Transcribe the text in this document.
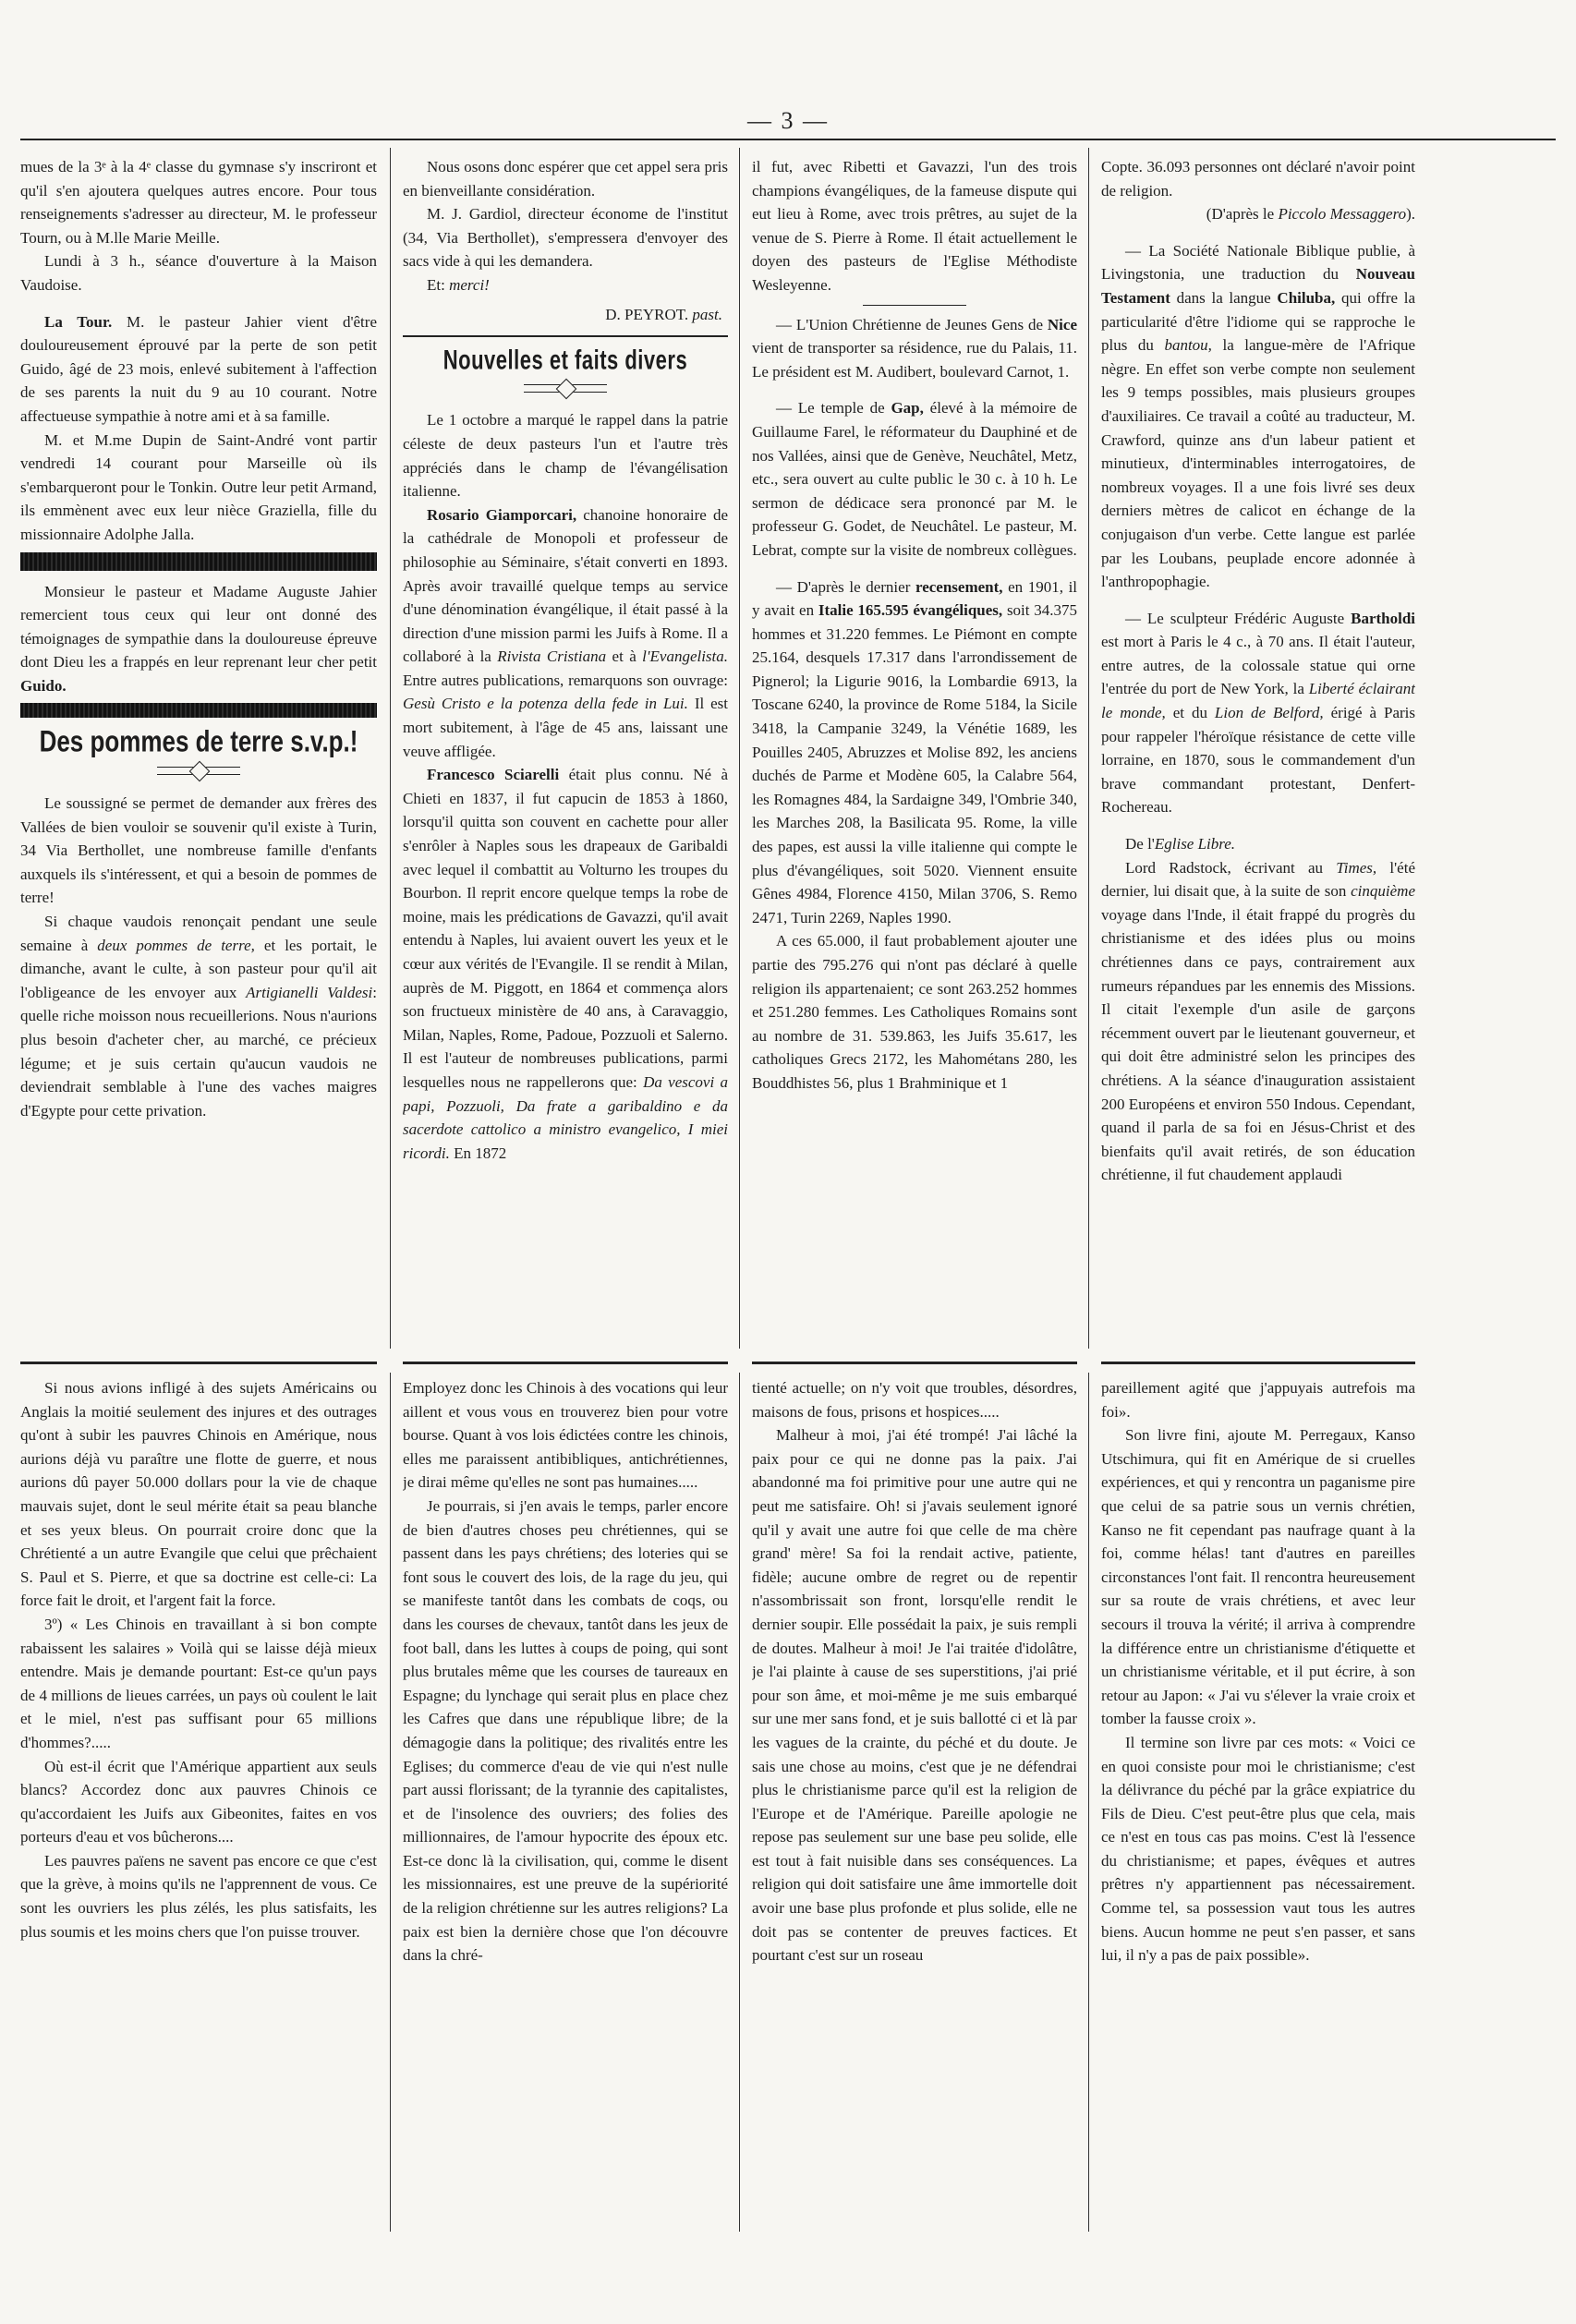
— 3 —

mues de la 3ᵉ à la 4ᵉ classe du gymnase s'y inscriront et qu'il s'en ajoutera quelques autres encore. Pour tous renseignements s'adresser au directeur, M. le professeur Tourn, ou à M.lle Marie Meille.

Lundi à 3 h., séance d'ouverture à la Maison Vaudoise.

La Tour. M. le pasteur Jahier vient d'être douloureusement éprouvé par la perte de son petit Guido, âgé de 23 mois, enlevé subitement à l'affection de ses parents la nuit du 9 au 10 courant. Notre affectueuse sympathie à notre ami et à sa famille.

M. et M.me Dupin de Saint-André vont partir vendredi 14 courant pour Marseille où ils s'embarqueront pour le Tonkin. Outre leur petit Armand, ils emmènent avec eux leur nièce Graziella, fille du missionnaire Adolphe Jalla.

Monsieur le pasteur et Madame Auguste Jahier remercient tous ceux qui leur ont donné des témoignages de sympathie dans la douloureuse épreuve dont Dieu les a frappés en leur reprenant leur cher petit Guido.

Des pommes de terre s.v.p.!

Le soussigné se permet de demander aux frères des Vallées de bien vouloir se souvenir qu'il existe à Turin, 34 Via Berthollet, une nombreuse famille d'enfants auxquels ils s'intéressent, et qui a besoin de pommes de terre!

Si chaque vaudois renonçait pendant une seule semaine à deux pommes de terre, et les portait, le dimanche, avant le culte, à son pasteur pour qu'il ait l'obligeance de les envoyer aux Artigianelli Valdesi: quelle riche moisson nous recueillerions. Nous n'aurions plus besoin d'acheter cher, au marché, ce précieux légume; et je suis certain qu'aucun vaudois ne deviendrait semblable à l'une des vaches maigres d'Egypte pour cette privation.

Nous osons donc espérer que cet appel sera pris en bienveillante considération.

M. J. Gardiol, directeur économe de l'institut (34, Via Berthollet), s'empressera d'envoyer des sacs vide à qui les demandera.

Et: merci!

D. PEYROT. past.
Nouvelles et faits divers

Le 1 octobre a marqué le rappel dans la patrie céleste de deux pasteurs l'un et l'autre très appréciés dans le champ de l'évangélisation italienne.

Rosario Giamporcari, chanoine honoraire de la cathédrale de Monopoli et professeur de philosophie au Séminaire, s'était converti en 1893. Après avoir travaillé quelque temps au service d'une dénomination évangélique, il était passé à la direction d'une mission parmi les Juifs à Rome. Il a collaboré à la Rivista Cristiana et à l'Evangelista. Entre autres publications, remarquons son ouvrage: Gesù Cristo e la potenza della fede in Lui. Il est mort subitement, à l'âge de 45 ans, laissant une veuve affligée.

Francesco Sciarelli était plus connu. Né à Chieti en 1837, il fut capucin de 1853 à 1860, lorsqu'il quitta son couvent en cachette pour aller s'enrôler à Naples sous les drapeaux de Garibaldi avec lequel il combattit au Volturno les troupes du Bourbon. Il reprit encore quelque temps la robe de moine, mais les prédications de Gavazzi, qu'il avait entendu à Naples, lui avaient ouvert les yeux et le cœur aux vérités de l'Evangile. Il se rendit à Milan, auprès de M. Piggott, en 1864 et commença alors son fructueux ministère de 40 ans, à Caravaggio, Milan, Naples, Rome, Padoue, Pozzuoli et Salerno. Il est l'auteur de nombreuses publications, parmi lesquelles nous ne rappellerons que: Da vescovi a papi, Pozzuoli, Da frate a garibaldino e da sacerdote cattolico a ministro evangelico, I miei ricordi. En 1872

il fut, avec Ribetti et Gavazzi, l'un des trois champions évangéliques, de la fameuse dispute qui eut lieu à Rome, avec trois prêtres, au sujet de la venue de S. Pierre à Rome. Il était actuellement le doyen des pasteurs de l'Eglise Méthodiste Wesleyenne.

— L'Union Chrétienne de Jeunes Gens de Nice vient de transporter sa résidence, rue du Palais, 11. Le président est M. Audibert, boulevard Carnot, 1.

— Le temple de Gap, élevé à la mémoire de Guillaume Farel, le réformateur du Dauphiné et de nos Vallées, ainsi que de Genève, Neuchâtel, Metz, etc., sera ouvert au culte public le 30 c. à 10 h. Le sermon de dédicace sera prononcé par M. le professeur G. Godet, de Neuchâtel. Le pasteur, M. Lebrat, compte sur la visite de nombreux collègues.

— D'après le dernier recensement, en 1901, il y avait en Italie 165.595 évangéliques, soit 34.375 hommes et 31.220 femmes. Le Piémont en compte 25.164, desquels 17.317 dans l'arrondissement de Pignerol; la Ligurie 9016, la Lombardie 6913, la Toscane 6240, la province de Rome 5184, la Sicile 3418, la Campanie 3249, la Vénétie 1689, les Pouilles 2405, Abruzzes et Molise 892, les anciens duchés de Parme et Modène 605, la Calabre 564, les Romagnes 484, la Sardaigne 349, l'Ombrie 340, les Marches 208, la Basilicata 95. Rome, la ville des papes, est aussi la ville italienne qui compte le plus d'évangéliques, soit 5020. Viennent ensuite Gênes 4984, Florence 4150, Milan 3706, S. Remo 2471, Turin 2269, Naples 1990.

A ces 65.000, il faut probablement ajouter une partie des 795.276 qui n'ont pas déclaré à quelle religion ils appartenaient; ce sont 263.252 hommes et 251.280 femmes. Les Catholiques Romains sont au nombre de 31. 539.863, les Juifs 35.617, les catholiques Grecs 2172, les Mahométans 280, les Bouddhistes 56, plus 1 Brahminique et 1

Copte. 36.093 personnes ont déclaré n'avoir point de religion.

(D'après le Piccolo Messaggero).

— La Société Nationale Biblique publie, à Livingstonia, une traduction du Nouveau Testament dans la langue Chiluba, qui offre la particularité d'être l'idiome qui se rapproche le plus du bantou, la langue-mère de l'Afrique nègre. En effet son verbe compte non seulement les 9 temps possibles, mais plusieurs groupes d'auxiliaires. Ce travail a coûté au traducteur, M. Crawford, quinze ans d'un labeur patient et minutieux, d'interminables interrogatoires, de nombreux voyages. Il a une fois livré ses deux derniers mètres de calicot en échange de la conjugaison d'un verbe. Cette langue est parlée par les Loubans, peuplade encore adonnée à l'anthropophagie.

— Le sculpteur Frédéric Auguste Bartholdi est mort à Paris le 4 c., à 70 ans. Il était l'auteur, entre autres, de la colossale statue qui orne l'entrée du port de New York, la Liberté éclairant le monde, et du Lion de Belford, érigé à Paris pour rappeler l'héroïque résistance de cette ville lorraine, en 1870, sous le commandement d'un brave commandant protestant, Denfert-Rochereau.

De l'Eglise Libre.

Lord Radstock, écrivant au Times, l'été dernier, lui disait que, à la suite de son cinquième voyage dans l'Inde, il était frappé du progrès du christianisme et des idées plus ou moins chrétiennes dans ce pays, contrairement aux rumeurs répandues par les ennemis des Missions. Il citait l'exemple d'un asile de garçons récemment ouvert par le lieutenant gouverneur, et qui doit être administré selon les principes des chrétiens. A la séance d'inauguration assistaient 200 Européens et environ 550 Indous. Cependant, quand il parla de sa foi en Jésus-Christ et des bienfaits qu'il avait retirés, de son éducation chrétienne, il fut chaudement applaudi

Si nous avions infligé à des sujets Américains ou Anglais la moitié seulement des injures et des outrages qu'ont à subir les pauvres Chinois en Amérique, nous aurions déjà vu paraître une flotte de guerre, et nous aurions dû payer 50.000 dollars pour la vie de chaque mauvais sujet, dont le seul mérite était sa peau blanche et ses yeux bleus. On pourrait croire donc que la Chrétienté a un autre Evangile que celui que prêchaient S. Paul et S. Pierre, et que sa doctrine est celle-ci: La force fait le droit, et l'argent fait la force.

3º) « Les Chinois en travaillant à si bon compte rabaissent les salaires » Voilà qui se laisse déjà mieux entendre. Mais je demande pourtant: Est-ce qu'un pays de 4 millions de lieues carrées, un pays où coulent le lait et le miel, n'est pas suffisant pour 65 millions d'hommes?.....

Où est-il écrit que l'Amérique appartient aux seuls blancs? Accordez donc aux pauvres Chinois ce qu'accordaient les Juifs aux Gibeonites, faites en vos porteurs d'eau et vos bûcherons....

Les pauvres païens ne savent pas encore ce que c'est que la grève, à moins qu'ils ne l'apprennent de vous. Ce sont les ouvriers les plus zélés, les plus satisfaits, les plus soumis et les moins chers que l'on puisse trouver.

Employez donc les Chinois à des vocations qui leur aillent et vous vous en trouverez bien pour votre bourse. Quant à vos lois édictées contre les chinois, elles me paraissent antibibliques, antichrétiennes, je dirai même qu'elles ne sont pas humaines.....

Je pourrais, si j'en avais le temps, parler encore de bien d'autres choses peu chrétiennes, qui se passent dans les pays chrétiens; des loteries qui se font sous le couvert des lois, de la rage du jeu, qui se manifeste tantôt dans les combats de coqs, ou dans les courses de chevaux, tantôt dans les jeux de foot ball, dans les luttes à coups de poing, qui sont plus brutales même que les courses de taureaux en Espagne; du lynchage qui serait plus en place chez les Cafres que dans une république libre; de la démagogie dans la politique; des rivalités entre les Eglises; du commerce d'eau de vie qui n'est nulle part aussi florissant; de la tyrannie des capitalistes, et de l'insolence des ouvriers; des folies des millionnaires, de l'amour hypocrite des époux etc. Est-ce donc là la civilisation, qui, comme le disent les missionnaires, est une preuve de la supériorité de la religion chrétienne sur les autres religions? La paix est bien la dernière chose que l'on découvre dans la chré-

tienté actuelle; on n'y voit que troubles, désordres, maisons de fous, prisons et hospices.....

Malheur à moi, j'ai été trompé! J'ai lâché la paix pour ce qui ne donne pas la paix. J'ai abandonné ma foi primitive pour une autre qui ne peut me satisfaire. Oh! si j'avais seulement ignoré qu'il y avait une autre foi que celle de ma chère grand' mère! Sa foi la rendait active, patiente, fidèle; aucune ombre de regret ou de repentir n'assombrissait son front, lorsqu'elle rendit le dernier soupir. Elle possédait la paix, je suis rempli de doutes. Malheur à moi! Je l'ai traitée d'idolâtre, je l'ai plainte à cause de ses superstitions, j'ai prié pour son âme, et moi-même je me suis embarqué sur une mer sans fond, et je suis ballotté ci et là par les vagues de la crainte, du péché et du doute. Je sais une chose au moins, c'est que je ne défendrai plus le christianisme parce qu'il est la religion de l'Europe et de l'Amérique. Pareille apologie ne repose pas seulement sur une base peu solide, elle est tout à fait nuisible dans ses conséquences. La religion qui doit satisfaire une âme immortelle doit avoir une base plus profonde et plus solide, elle ne doit pas se contenter de preuves factices. Et pourtant c'est sur un roseau

pareillement agité que j'appuyais autrefois ma foi».

Son livre fini, ajoute M. Perregaux, Kanso Utschimura, qui fit en Amérique de si cruelles expériences, et qui y rencontra un paganisme pire que celui de sa patrie sous un vernis chrétien, Kanso ne fit cependant pas naufrage quant à la foi, comme hélas! tant d'autres en pareilles circonstances l'ont fait. Il rencontra heureusement sur sa route de vrais chrétiens, et avec leur secours il trouva la vérité; il arriva à comprendre la différence entre un christianisme d'étiquette et un christianisme véritable, et il put écrire, à son retour au Japon: « J'ai vu s'élever la vraie croix et tomber la fausse croix ».

Il termine son livre par ces mots: « Voici ce en quoi consiste pour moi le christianisme; c'est la délivrance du péché par la grâce expiatrice du Fils de Dieu. C'est peut-être plus que cela, mais ce n'est en tous cas pas moins. C'est là l'essence du christianisme; et papes, évêques et autres prêtres n'y appartiennent pas nécessairement. Comme tel, sa possession vaut tous les autres biens. Aucun homme ne peut s'en passer, et sans lui, il n'y a pas de paix possible».
